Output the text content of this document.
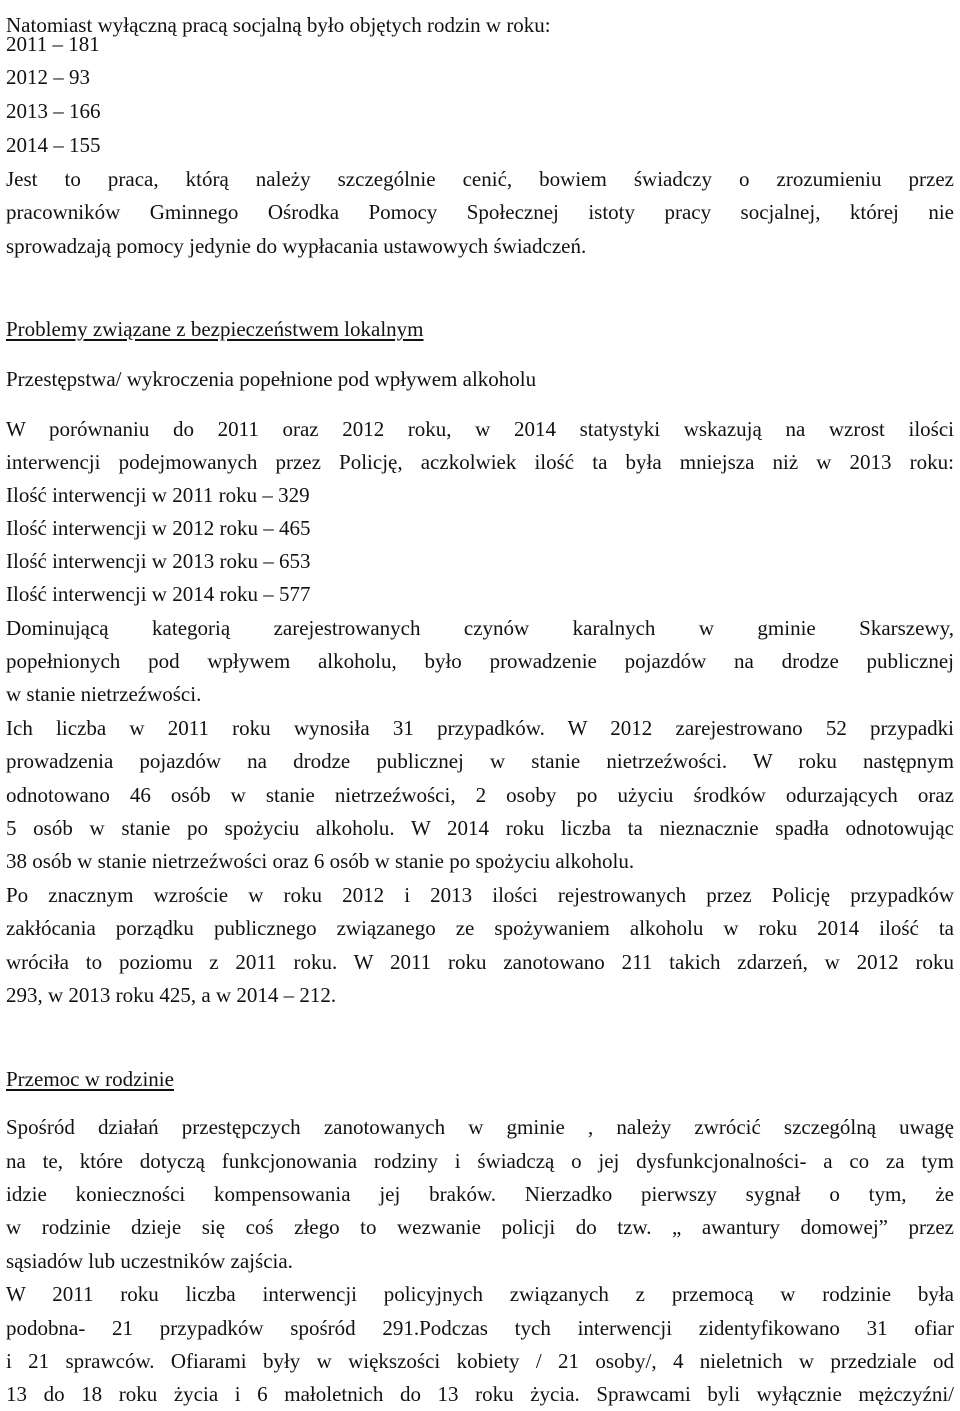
Natomiast wyłączną pracą socjalną było objętych rodzin w roku:
2011 – 181
2012 – 93
2013 – 166
2014 – 155
Jest to praca, którą należy szczególnie cenić, bowiem świadczy o zrozumieniu przez
pracowników Gminnego Ośrodka Pomocy Społecznej istoty pracy socjalnej, której nie
sprowadzają pomocy jedynie do wypłacania ustawowych świadczeń.
Problemy związane z bezpieczeństwem lokalnym
Przestępstwa/ wykroczenia popełnione pod wpływem alkoholu
W porównaniu do 2011 oraz 2012 roku, w 2014 statystyki wskazują na wzrost ilości
interwencji podejmowanych przez Policję, aczkolwiek ilość ta była mniejsza niż w 2013 roku:
Ilość interwencji w 2011 roku – 329
Ilość interwencji w 2012 roku – 465
Ilość interwencji w 2013 roku – 653
Ilość interwencji w 2014 roku – 577
Dominującą kategorią zarejestrowanych czynów karalnych w gminie Skarszewy,
popełnionych pod wpływem alkoholu, było prowadzenie pojazdów na drodze publicznej
w stanie nietrzeźwości.
Ich liczba w 2011 roku wynosiła 31 przypadków. W 2012 zarejestrowano 52 przypadki
prowadzenia pojazdów na drodze publicznej w stanie nietrzeźwości. W roku następnym
odnotowano 46 osób w stanie nietrzeźwości, 2 osoby po użyciu środków odurzających oraz
5 osób w stanie po spożyciu alkoholu. W 2014 roku liczba ta nieznacznie spadła odnotowując
38 osób w stanie nietrzeźwości oraz 6 osób w stanie po spożyciu alkoholu.
Po znacznym wzroście w roku 2012 i 2013 ilości rejestrowanych przez Policję przypadków
zakłócania porządku publicznego związanego ze spożywaniem alkoholu w roku 2014 ilość ta
wróciła to poziomu z 2011 roku. W 2011 roku zanotowano 211 takich zdarzeń, w 2012 roku
293, w 2013 roku 425, a w 2014 – 212.
Przemoc w rodzinie
Spośród działań przestępczych zanotowanych w gminie , należy zwrócić szczególną uwagę
na te, które dotyczą funkcjonowania rodziny i świadczą o jej dysfunkcjonalności- a co za tym
idzie konieczności kompensowania jej braków. Nierzadko pierwszy sygnał o tym, że
w rodzinie dzieje się coś złego to wezwanie policji do tzw. „ awantury domowej” przez
sąsiadów lub uczestników zajścia.
W 2011 roku liczba interwencji policyjnych związanych z przemocą w rodzinie była
podobna- 21 przypadków spośród 291.Podczas tych interwencji zidentyfikowano 31 ofiar
i 21 sprawców. Ofiarami były w większości kobiety / 21 osoby/, 4 nieletnich w przedziale od
13 do 18 roku życia i 6 małoletnich do 13 roku życia. Sprawcami byli wyłącznie mężczyźni/
